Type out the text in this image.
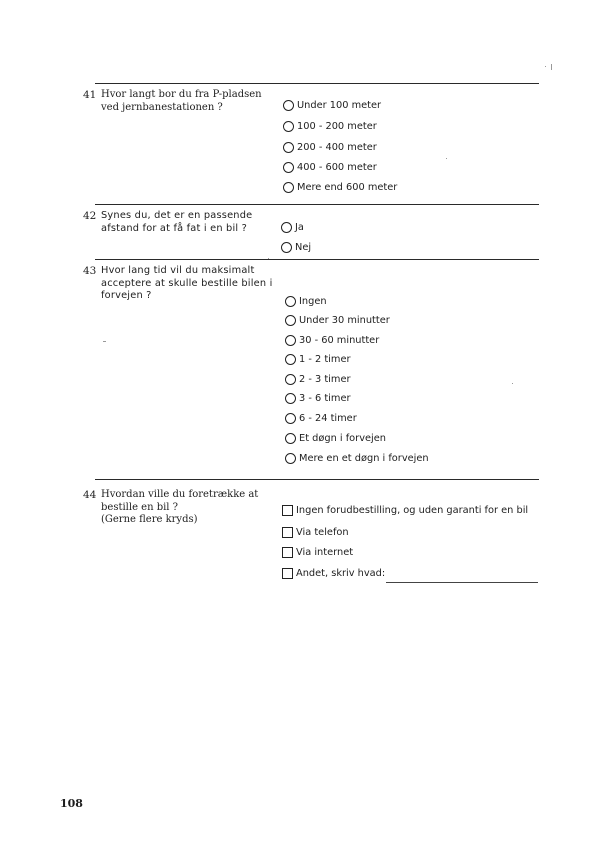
41 Hvor langt bor du fra P-pladsen
ved jernbanestationen ?	Under 100 meter
100 - 200 meter
200 - 400 meter
400 - 600 meter
Mere end 600 meter
42 Synes du, det er en passende
afstand for at få fat i en bil ?	Ja
Nej
43 Hvor lang tid vil du maksimalt
acceptere at skulle bestille bilen i
forvejen ?
Ingen
Under 30 minutter
30 - 60 minutter
1 - 2 timer
2 - 3 timer
3 - 6 timer
6 - 24 timer
Et døgn i forvejen
Mere en et døgn i forvejen
44 Hvordan ville du foretrække at
bestille en bil ?
(Gerne flere kryds)
Ingen forudbestilling, og uden garanti for en bil
Via telefon
Via internet
Andet, skriv hvad:
108
